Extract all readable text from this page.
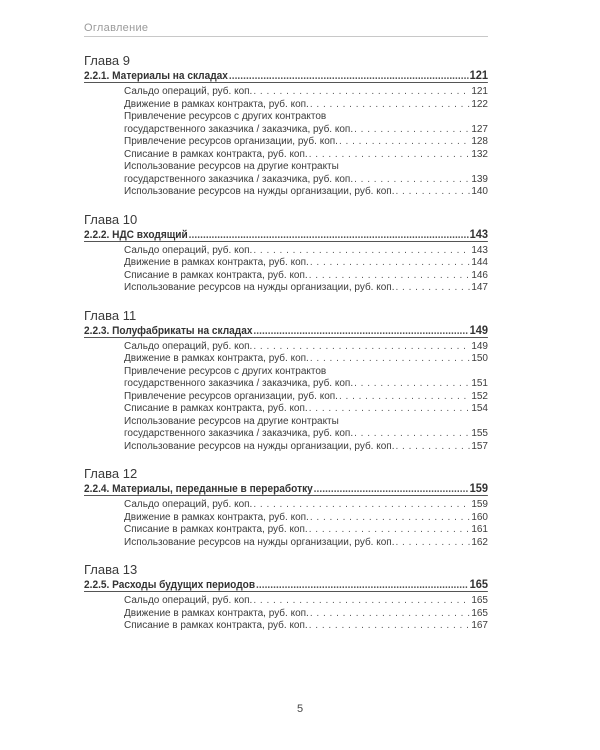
Оглавление
Глава 9
2.2.1. Материалы на складах . . .	121
Сальдо операций, руб. коп. . . .	121
Движение в рамках контракта, руб. коп. . . .	122
Привлечение ресурсов с других контрактов
государственного заказчика / заказчика, руб. коп. . . .	127
Привлечение ресурсов организации, руб. коп. . . .	128
Списание в рамках контракта, руб. коп. . . .	132
Использование ресурсов на другие контракты
государственного заказчика / заказчика, руб. коп. . . .	139
Использование ресурсов на нужды организации, руб. коп. . . .	140
Глава 10
2.2.2. НДС входящий . . .	143
Сальдо операций, руб. коп. . . .	143
Движение в рамках контракта, руб. коп. . . .	144
Списание в рамках контракта, руб. коп. . . .	146
Использование ресурсов на нужды организации, руб. коп. . . .	147
Глава 11
2.2.3. Полуфабрикаты на складах . . .	149
Сальдо операций, руб. коп. . . .	149
Движение в рамках контракта, руб. коп. . . .	150
Привлечение ресурсов с других контрактов
государственного заказчика / заказчика, руб. коп. . . .	151
Привлечение ресурсов организации, руб. коп. . . .	152
Списание в рамках контракта, руб. коп. . . .	154
Использование ресурсов на другие контракты
государственного заказчика / заказчика, руб. коп. . . .	155
Использование ресурсов на нужды организации, руб. коп. . . .	157
Глава 12
2.2.4. Материалы, переданные в переработку . . .	159
Сальдо операций, руб. коп. . . .	159
Движение в рамках контракта, руб. коп. . . .	160
Списание в рамках контракта, руб. коп. . . .	161
Использование ресурсов на нужды организации, руб. коп. . . .	162
Глава 13
2.2.5. Расходы будущих периодов . . .	165
Сальдо операций, руб. коп. . . .	165
Движение в рамках контракта, руб. коп. . . .	165
Списание в рамках контракта, руб. коп. . . .	167
5
